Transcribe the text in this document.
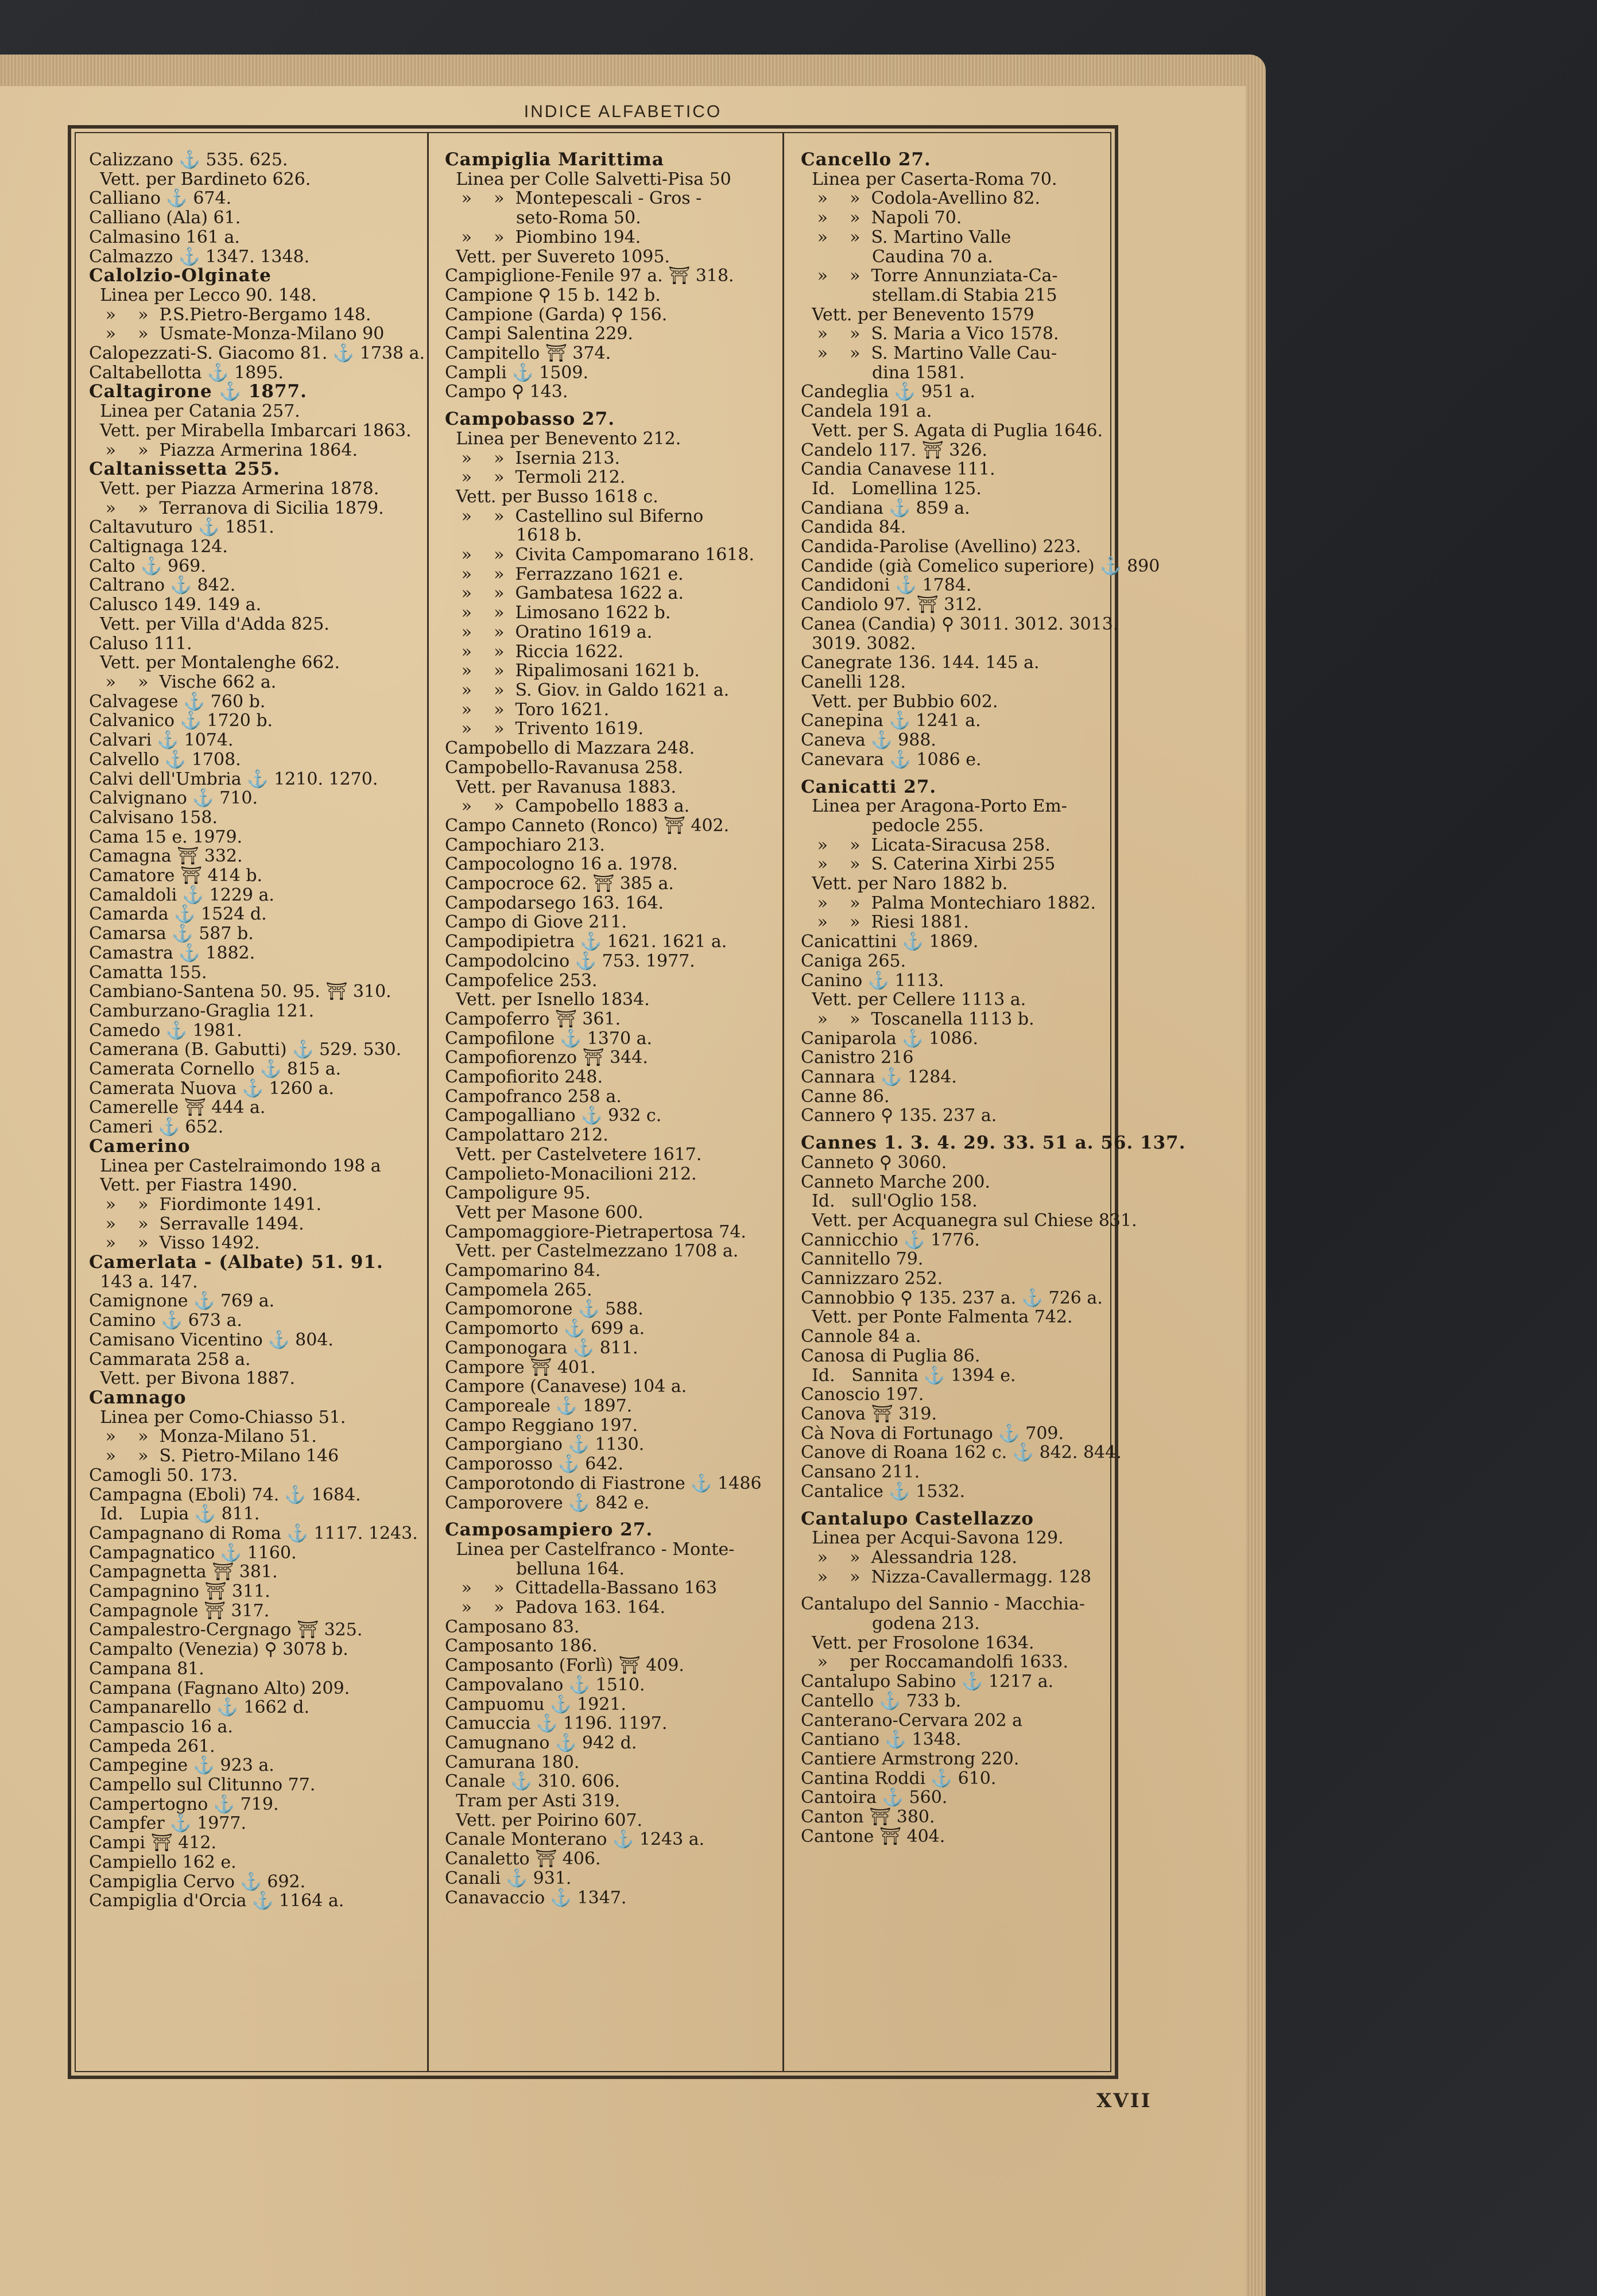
INDICE ALFABETICO
Calizzano ⚓ 535. 625.
Vett. per Bardineto 626.
Calliano ⚓ 674.
Calliano (Ala) 61.
Calmasino 161 a.
Calmazzo ⚓ 1347. 1348.
Calolzio-Olginate
Linea per Lecco 90. 148.
»    »  P.S.Pietro-Bergamo 148.
»    »  Usmate-Monza-Milano 90
Calopezzati-S. Giacomo 81. ⚓ 1738 a.
Caltabellotta ⚓ 1895.
Caltagirone ⚓ 1877.
Linea per Catania 257.
Vett. per Mirabella Imbarcari 1863.
»    »  Piazza Armerina 1864.
Caltanissetta 255.
Vett. per Piazza Armerina 1878.
»    »  Terranova di Sicilia 1879.
Caltavuturo ⚓ 1851.
Caltignaga 124.
Calto ⚓ 969.
Caltrano ⚓ 842.
Calusco 149. 149 a.
Vett. per Villa d'Adda 825.
Caluso 111.
Vett. per Montalenghe 662.
»    »  Vische 662 a.
Calvagese ⚓ 760 b.
Calvanico ⚓ 1720 b.
Calvari ⚓ 1074.
Calvello ⚓ 1708.
Calvi dell'Umbria ⚓ 1210. 1270.
Calvignano ⚓ 710.
Calvisano 158.
Cama 15 e. 1979.
Camagna ⛩ 332.
Camatore ⛩ 414 b.
Camaldoli ⚓ 1229 a.
Camarda ⚓ 1524 d.
Camarsa ⚓ 587 b.
Camastra ⚓ 1882.
Camatta 155.
Cambiano-Santena 50. 95. ⛩ 310.
Camburzano-Graglia 121.
Camedo ⚓ 1981.
Camerana (B. Gabutti) ⚓ 529. 530.
Camerata Cornello ⚓ 815 a.
Camerata Nuova ⚓ 1260 a.
Camerelle ⛩ 444 a.
Cameri ⚓ 652.
Camerino
Linea per Castelraimondo 198 a
Vett. per Fiastra 1490.
»    »  Fiordimonte 1491.
»    »  Serravalle 1494.
»    »  Visso 1492.
Camerlata - (Albate) 51. 91.
143 a. 147.
Camignone ⚓ 769 a.
Camino ⚓ 673 a.
Camisano Vicentino ⚓ 804.
Cammarata 258 a.
Vett. per Bivona 1887.
Camnago
Linea per Como-Chiasso 51.
»    »  Monza-Milano 51.
»    »  S. Pietro-Milano 146
Camogli 50. 173.
Campagna (Eboli) 74. ⚓ 1684.
Id.   Lupia ⚓ 811.
Campagnano di Roma ⚓ 1117. 1243.
Campagnatico ⚓ 1160.
Campagnetta ⛩ 381.
Campagnino ⛩ 311.
Campagnole ⛩ 317.
Campalestro-Cergnago ⛩ 325.
Campalto (Venezia) ⚲ 3078 b.
Campana 81.
Campana (Fagnano Alto) 209.
Campanarello ⚓ 1662 d.
Campascio 16 a.
Campeda 261.
Campegine ⚓ 923 a.
Campello sul Clitunno 77.
Campertogno ⚓ 719.
Campfer ⚓ 1977.
Campi ⛩ 412.
Campiello 162 e.
Campiglia Cervo ⚓ 692.
Campiglia d'Orcia ⚓ 1164 a.
Campiglia Marittima
Linea per Colle Salvetti-Pisa 50
»    »  Montepescali - Gros -
seto-Roma 50.
»    »  Piombino 194.
Vett. per Suvereto 1095.
Campiglione-Fenile 97 a. ⛩ 318.
Campione ⚲ 15 b. 142 b.
Campione (Garda) ⚲ 156.
Campi Salentina 229.
Campitello ⛩ 374.
Campli ⚓ 1509.
Campo ⚲ 143.
Campobasso 27.
Linea per Benevento 212.
»    »  Isernia 213.
»    »  Termoli 212.
Vett. per Busso 1618 c.
»    »  Castellino sul Biferno
1618 b.
»    »  Civita Campomarano 1618.
»    »  Ferrazzano 1621 e.
»    »  Gambatesa 1622 a.
»    »  Limosano 1622 b.
»    »  Oratino 1619 a.
»    »  Riccia 1622.
»    »  Ripalimosani 1621 b.
»    »  S. Giov. in Galdo 1621 a.
»    »  Toro 1621.
»    »  Trivento 1619.
Campobello di Mazzara 248.
Campobello-Ravanusa 258.
Vett. per Ravanusa 1883.
»    »  Campobello 1883 a.
Campo Canneto (Ronco) ⛩ 402.
Campochiaro 213.
Campocologno 16 a. 1978.
Campocroce 62. ⛩ 385 a.
Campodarsego 163. 164.
Campo di Giove 211.
Campodipietra ⚓ 1621. 1621 a.
Campodolcino ⚓ 753. 1977.
Campofelice 253.
Vett. per Isnello 1834.
Campoferro ⛩ 361.
Campofilone ⚓ 1370 a.
Campofiorenzo ⛩ 344.
Campofiorito 248.
Campofranco 258 a.
Campogalliano ⚓ 932 c.
Campolattaro 212.
Vett. per Castelvetere 1617.
Campolieto-Monacilioni 212.
Campoligure 95.
Vett per Masone 600.
Campomaggiore-Pietrapertosa 74.
Vett. per Castelmezzano 1708 a.
Campomarino 84.
Campomela 265.
Campomorone ⚓ 588.
Campomorto ⚓ 699 a.
Camponogara ⚓ 811.
Campore ⛩ 401.
Campore (Canavese) 104 a.
Camporeale ⚓ 1897.
Campo Reggiano 197.
Camporgiano ⚓ 1130.
Camporosso ⚓ 642.
Camporotondo di Fiastrone ⚓ 1486
Camporovere ⚓ 842 e.
Camposampiero 27.
Linea per Castelfranco - Monte-
belluna 164.
»    »  Cittadella-Bassano 163
»    »  Padova 163. 164.
Camposano 83.
Camposanto 186.
Camposanto (Forlì) ⛩ 409.
Campovalano ⚓ 1510.
Campuomu ⚓ 1921.
Camuccia ⚓ 1196. 1197.
Camugnano ⚓ 942 d.
Camurana 180.
Canale ⚓ 310. 606.
Tram per Asti 319.
Vett. per Poirino 607.
Canale Monterano ⚓ 1243 a.
Canaletto ⛩ 406.
Canali ⚓ 931.
Canavaccio ⚓ 1347.
Cancello 27.
Linea per Caserta-Roma 70.
»    »  Codola-Avellino 82.
»    »  Napoli 70.
»    »  S. Martino Valle
Caudina 70 a.
»    »  Torre Annunziata-Ca-
stellam.di Stabia 215
Vett. per Benevento 1579
»    »  S. Maria a Vico 1578.
»    »  S. Martino Valle Cau-
dina 1581.
Candeglia ⚓ 951 a.
Candela 191 a.
Vett. per S. Agata di Puglia 1646.
Candelo 117. ⛩ 326.
Candia Canavese 111.
Id.   Lomellina 125.
Candiana ⚓ 859 a.
Candida 84.
Candida-Parolise (Avellino) 223.
Candide (già Comelico superiore) ⚓ 890
Candidoni ⚓ 1784.
Candiolo 97. ⛩ 312.
Canea (Candia) ⚲ 3011. 3012. 3013.
3019. 3082.
Canegrate 136. 144. 145 a.
Canelli 128.
Vett. per Bubbio 602.
Canepina ⚓ 1241 a.
Caneva ⚓ 988.
Canevara ⚓ 1086 e.
Canicatti 27.
Linea per Aragona-Porto Em-
pedocle 255.
»    »  Licata-Siracusa 258.
»    »  S. Caterina Xirbi 255
Vett. per Naro 1882 b.
»    »  Palma Montechiaro 1882.
»    »  Riesi 1881.
Canicattini ⚓ 1869.
Caniga 265.
Canino ⚓ 1113.
Vett. per Cellere 1113 a.
»    »  Toscanella 1113 b.
Caniparola ⚓ 1086.
Canistro 216
Cannara ⚓ 1284.
Canne 86.
Cannero ⚲ 135. 237 a.
Cannes 1. 3. 4. 29. 33. 51 a. 56. 137.
Canneto ⚲ 3060.
Canneto Marche 200.
Id.   sull'Oglio 158.
Vett. per Acquanegra sul Chiese 831.
Cannicchio ⚓ 1776.
Cannitello 79.
Cannizzaro 252.
Cannobbio ⚲ 135. 237 a. ⚓ 726 a.
Vett. per Ponte Falmenta 742.
Cannole 84 a.
Canosa di Puglia 86.
Id.   Sannita ⚓ 1394 e.
Canoscio 197.
Canova ⛩ 319.
Cà Nova di Fortunago ⚓ 709.
Canove di Roana 162 c. ⚓ 842. 844.
Cansano 211.
Cantalice ⚓ 1532.
Cantalupo Castellazzo
Linea per Acqui-Savona 129.
»    »  Alessandria 128.
»    »  Nizza-Cavallermagg. 128
Cantalupo del Sannio - Macchia-
godena 213.
Vett. per Frosolone 1634.
»    per Roccamandolfi 1633.
Cantalupo Sabino ⚓ 1217 a.
Cantello ⚓ 733 b.
Canterano-Cervara 202 a
Cantiano ⚓ 1348.
Cantiere Armstrong 220.
Cantina Roddi ⚓ 610.
Cantoira ⚓ 560.
Canton ⛩ 380.
Cantone ⛩ 404.
XVII
